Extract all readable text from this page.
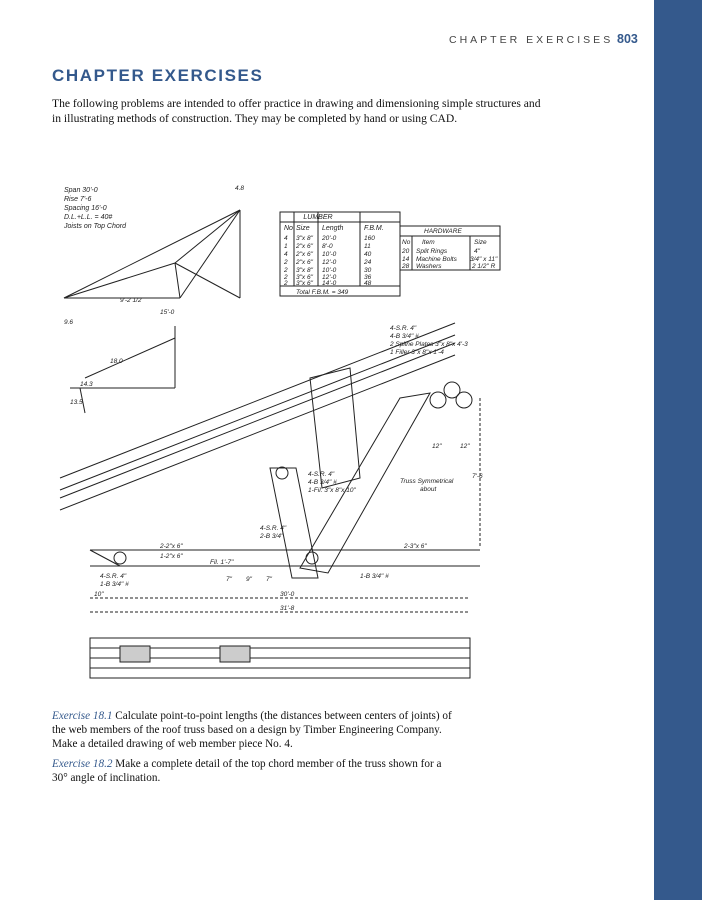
CHAPTER EXERCISES 803
CHAPTER EXERCISES
The following problems are intended to offer practice in drawing and dimensioning simple structures and in illustrating methods of construction. They may be completed by hand or using CAD.
Span 30'-0
Rise 7'-6
Spacing 16'-0
D.L.+L.L. = 40#
Joists on Top Chord
LUMBER
No Size Length	F.B.M.
4 3"x 8" 20'-0	160
1 2"x 6" 8'-0	11
4 2"x 6" 10'-0	40
2 2"x 6" 12'-0	24
2 3"x 8" 10'-0	30
2 3"x 6" 12'-0	36
2 3"x 6" 14'-0	48
Total F.B.M. = 349
HARDWARE
No Item	Size
20 Split Rings	4"
14 Machine Bolts 3/4" x 11"
28 Washers	2 1/2" R
4-S.R. 4"
4-B 3/4" #
2 Spline Plates 3"x 8"x 4'-3
1 Filler 3"x 8"x 1'-4
Truss Symmetrical
about
4-S.R. 4"
1-B 3/4" #
4-S.R. 4"
4-B 3/4" #
1-Fil. 3"x 8"x 10"
4-S.R. 4"
2-B 3/4"
1-B 3/4" #
2-2"x 6"
1-2"x 6"
2-3"x 6"
Fil. 1'-7"
30'-0
31'-8
10"
7" 9" 7"
12"	12"
7'-6
15'-0
9'-2 1/2
18.0
14.3
13.5
9.6
4.8
Exercise 18.1 Calculate point-to-point lengths (the distances between centers of joints) of the web members of the roof truss based on a design by Timber Engineering Company. Make a detailed drawing of web member piece No. 4.
Exercise 18.2 Make a complete detail of the top chord member of the truss shown for a 30° angle of inclination.
